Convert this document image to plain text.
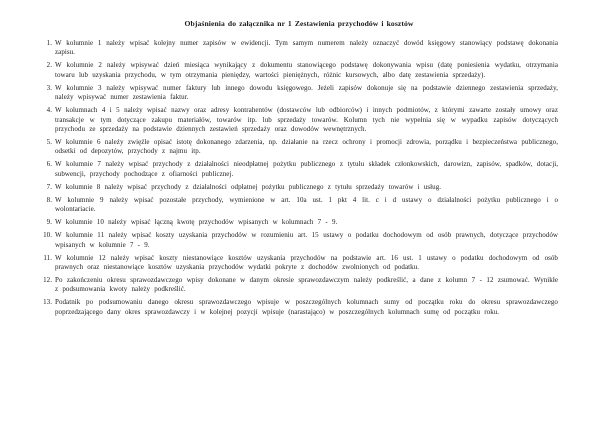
Objaśnienia do załącznika nr 1 Zestawienia przychodów i kosztów
1. W kolumnie 1 należy wpisać kolejny numer zapisów w ewidencji. Tym samym numerem należy oznaczyć dowód księgowy stanowiący podstawę dokonania zapisu.
2. W kolumnie 2 należy wpisywać dzień miesiąca wynikający z dokumentu stanowiącego podstawę dokonywania wpisu (datę poniesienia wydatku, otrzymania towaru lub uzyskania przychodu, w tym otrzymania pieniędzy, wartości pieniężnych, różnic kursowych, albo datę zestawienia sprzedaży).
3. W kolumnie 3 należy wpisywać numer faktury lub innego dowodu księgowego. Jeżeli zapisów dokonuje się na podstawie dziennego zestawienia sprzedaży, należy wpisywać numer zestawienia faktur.
4. W kolumnach 4 i 5 należy wpisać nazwy oraz adresy kontrahentów (dostawców lub odbiorców) i innych podmiotów, z którymi zawarte zostały umowy oraz transakcje w tym dotyczące zakupu materiałów, towarów itp. lub sprzedaży towarów. Kolumn tych nie wypełnia się w wypadku zapisów dotyczących przychodu ze sprzedaży na podstawie dziennych zestawień sprzedaży oraz dowodów wewnętrznych.
5. W kolumnie 6 należy zwięźle opisać istotę dokonanego zdarzenia, np. działanie na rzecz ochrony i promocji zdrowia, porządku i bezpieczeństwa publicznego, odsetki od depozytów, przychody z najmu itp.
6. W kolumnie 7 należy wpisać przychody z działalności nieodpłatnej pożytku publicznego z tytułu składek członkowskich, darowizn, zapisów, spadków, dotacji, subwencji, przychody pochodzące z ofiarności publicznej.
7. W kolumnie 8 należy wpisać przychody z działalności odpłatnej pożytku publicznego z tytułu sprzedaży towarów i usług.
8. W kolumnie 9 należy wpisać pozostałe przychody, wymienione w art. 10a ust. 1 pkt 4 lit. c i d ustawy o działalności pożytku publicznego i o wolontariacie.
9. W kolumnie 10 należy wpisać łączną kwotę przychodów wpisanych w kolumnach 7 - 9.
10. W kolumnie 11 należy wpisać koszty uzyskania przychodów w rozumieniu art. 15 ustawy o podatku dochodowym od osób prawnych, dotyczące przychodów wpisanych w kolumnie 7 - 9.
11. W kolumnie 12 należy wpisać koszty niestanowiące kosztów uzyskania przychodów na podstawie art. 16 ust. 1 ustawy o podatku dochodowym od osób prawnych oraz niestanowiące kosztów uzyskania przychodów wydatki pokryte z dochodów zwolnionych od podatku.
12. Po zakończeniu okresu sprawozdawczego wpisy dokonane w danym okresie sprawozdawczym należy podkreślić, a dane z kolumn 7 - 12 zsumować. Wynikłe z podsumowania kwoty należy podkreślić.
13. Podatnik po podsumowaniu danego okresu sprawozdawczego wpisuje w poszczególnych kolumnach sumy od początku roku do okresu sprawozdawczego poprzedzającego dany okres sprawozdawczy i w kolejnej pozycji wpisuje (narastająco) w poszczególnych kolumnach sumę od początku roku.
